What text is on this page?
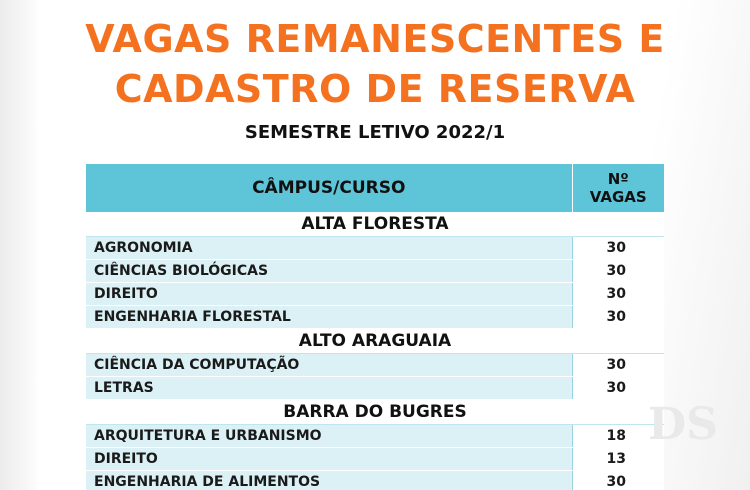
VAGAS REMANESCENTES E
CADASTRO DE RESERVA
SEMESTRE LETIVO 2022/1
CÂMPUS/CURSO	Nº
VAGAS

ALTA FLORESTA	
AGRONOMIA	30
CIÊNCIAS BIOLÓGICAS	30
DIREITO	30
ENGENHARIA FLORESTAL	30
ALTO ARAGUAIA	
CIÊNCIA DA COMPUTAÇÃO	30
LETRAS	30
BARRA DO BUGRES	
ARQUITETURA E URBANISMO	18
DIREITO	13
ENGENHARIA DE ALIMENTOS	30
DS
